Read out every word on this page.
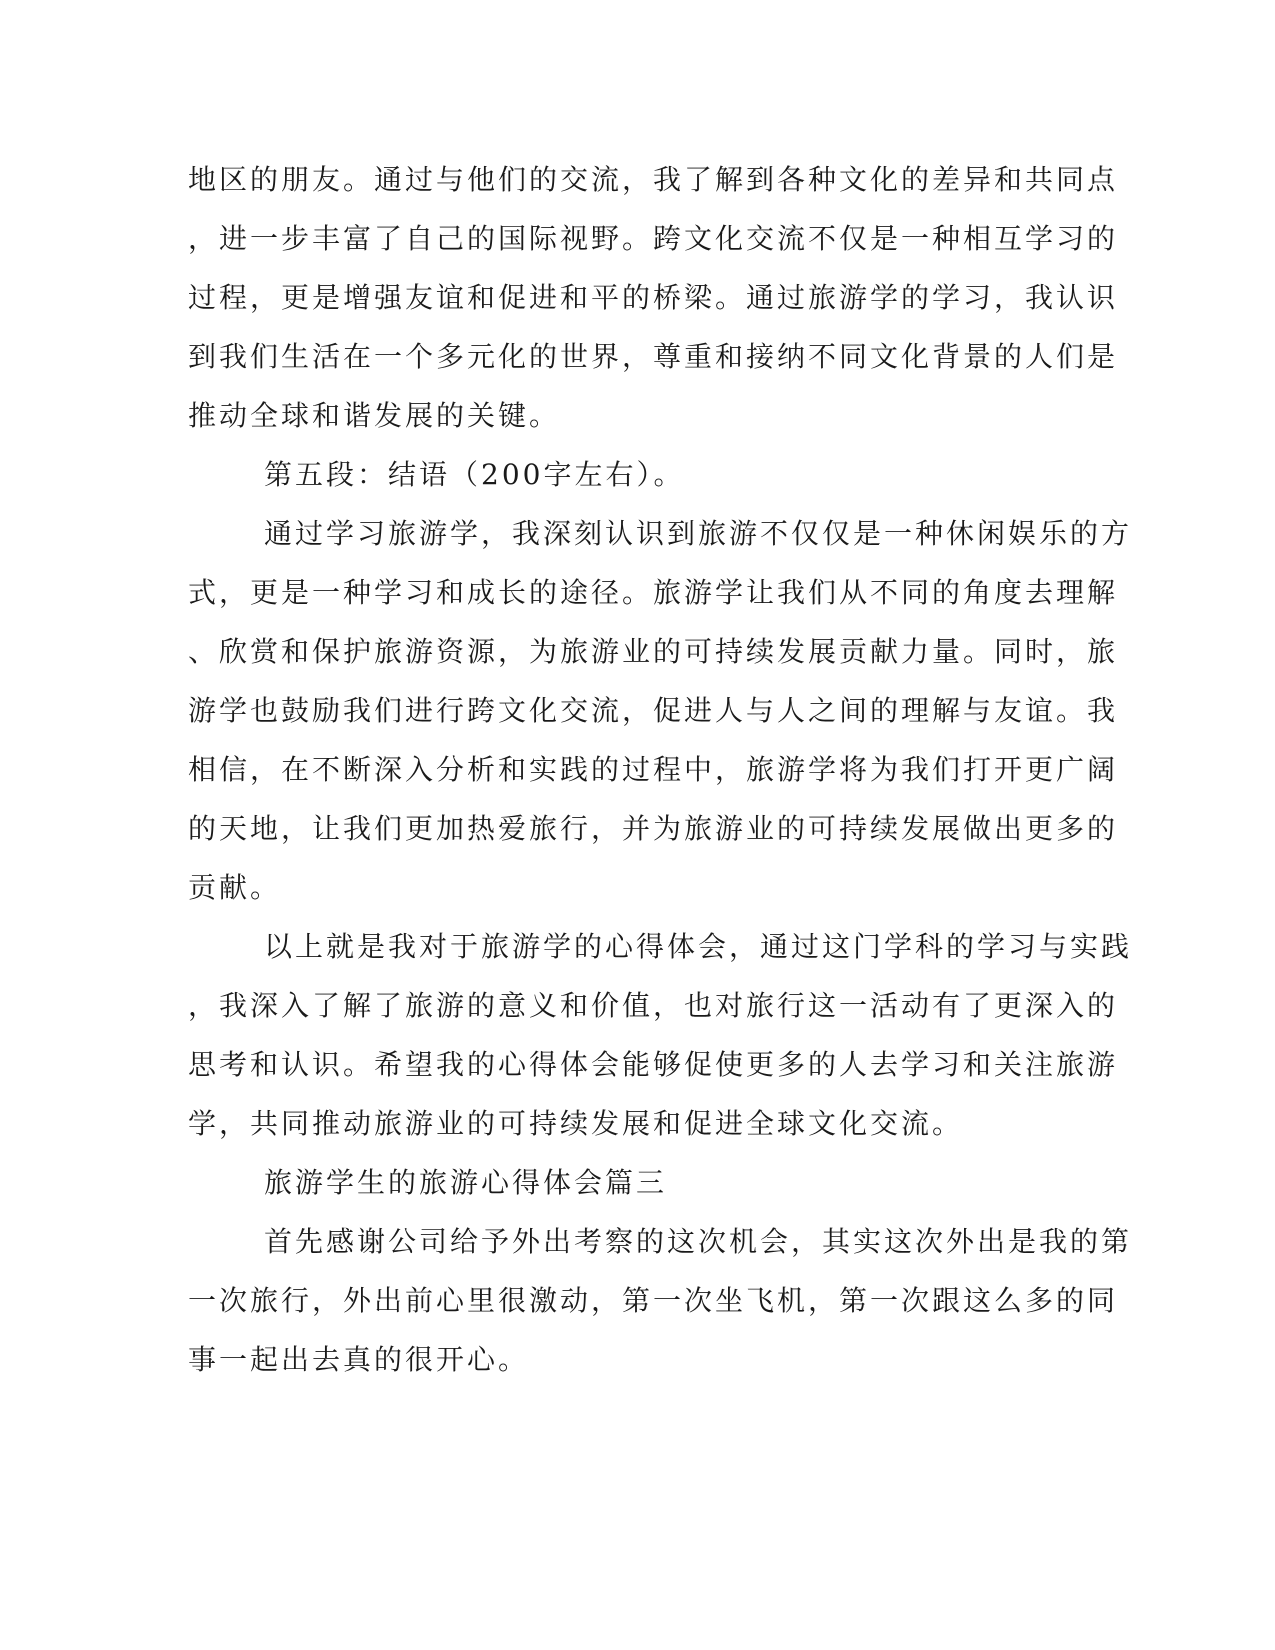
地区的朋友。通过与他们的交流，我了解到各种文化的差异和共同点
，进一步丰富了自己的国际视野。跨文化交流不仅是一种相互学习的
过程，更是增强友谊和促进和平的桥梁。通过旅游学的学习，我认识
到我们生活在一个多元化的世界，尊重和接纳不同文化背景的人们是
推动全球和谐发展的关键。
第五段：结语（200字左右）。
通过学习旅游学，我深刻认识到旅游不仅仅是一种休闲娱乐的方
式，更是一种学习和成长的途径。旅游学让我们从不同的角度去理解
、欣赏和保护旅游资源，为旅游业的可持续发展贡献力量。同时，旅
游学也鼓励我们进行跨文化交流，促进人与人之间的理解与友谊。我
相信，在不断深入分析和实践的过程中，旅游学将为我们打开更广阔
的天地，让我们更加热爱旅行，并为旅游业的可持续发展做出更多的
贡献。
以上就是我对于旅游学的心得体会，通过这门学科的学习与实践
，我深入了解了旅游的意义和价值，也对旅行这一活动有了更深入的
思考和认识。希望我的心得体会能够促使更多的人去学习和关注旅游
学，共同推动旅游业的可持续发展和促进全球文化交流。
旅游学生的旅游心得体会篇三
首先感谢公司给予外出考察的这次机会，其实这次外出是我的第
一次旅行，外出前心里很激动，第一次坐飞机，第一次跟这么多的同
事一起出去真的很开心。
